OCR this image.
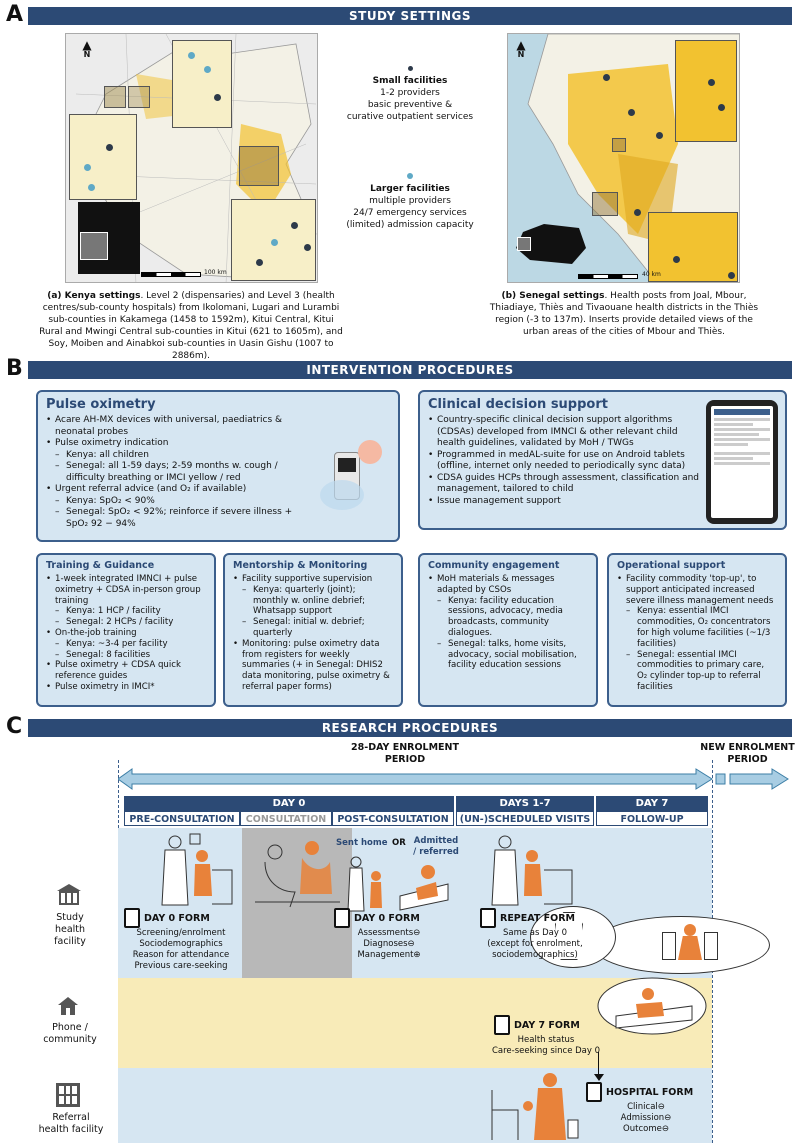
A	STUDY SETTINGS
▲
N
100 km
Small facilities
1-2 providers
basic preventive &
curative outpatient services
Larger facilities
multiple providers
24/7 emergency services
(limited) admission capacity
▲
N
40 km
(a) Kenya settings. Level 2 (dispensaries) and Level 3 (health centres/sub-county hospitals) from Ikolomani, Lugari and Lurambi sub-counties in Kakamega (1458 to 1592m), Kitui Central, Kitui Rural and Mwingi Central sub-counties in Kitui (621 to 1605m), and Soy, Moiben and Ainabkoi sub-counties in Uasin Gishu (1007 to 2886m).
(b) Senegal settings. Health posts from Joal, Mbour, Thiadiaye, Thiès and Tivaouane health districts in the Thiès region (-3 to 137m). Inserts provide detailed views of the urban areas of the cities of Mbour and Thiès.
B	INTERVENTION PROCEDURES
Pulse oximetry
• Acare AH-MX devices with universal, paediatrics & neonatal probes
• Pulse oximetry indication
– Kenya: all children
– Senegal: all 1-59 days; 2-59 months w. cough / difficulty breathing or IMCI yellow / red
• Urgent referral advice (and O₂ if available)
– Kenya: SpO₂ < 90%
– Senegal: SpO₂ < 92%; reinforce if severe illness + SpO₂ 92 − 94%
Clinical decision support
• Country-specific clinical decision support algorithms (CDSAs) developed from IMNCI & other relevant child health guidelines, validated by MoH / TWGs
• Programmed in medAL-suite for use on Android tablets (offline, internet only needed to periodically sync data)
• CDSA guides HCPs through assessment, classification and management, tailored to child
• Issue management support
Training & Guidance
• 1-week integrated IMNCI + pulse oximetry + CDSA in-person group training
– Kenya: 1 HCP / facility
– Senegal: 2 HCPs / facility
• On-the-job training
– Kenya: ~3-4 per facility
– Senegal: 8 facilities
• Pulse oximetry + CDSA quick reference guides
• Pulse oximetry in IMCI*
Mentorship & Monitoring
• Facility supportive supervision
– Kenya: quarterly (joint); monthly w. online debrief; Whatsapp support
– Senegal: initial w. debrief; quarterly
• Monitoring: pulse oximetry data from registers for weekly summaries (+ in Senegal: DHIS2 data monitoring, pulse oximetry & referral paper forms)
Community engagement
• MoH materials & messages adapted by CSOs
– Kenya: facility education sessions, advocacy, media broadcasts, community dialogues.
– Senegal: talks, home visits, advocacy, social mobilisation, facility education sessions
Operational support
• Facility commodity 'top-up', to support anticipated increased severe illness management needs
– Kenya: essential IMCI commodities, O₂ concentrators for high volume facilities (~1/3 facilities)
– Senegal: essential IMCI commodities to primary care, O₂ cylinder top-up to referral facilities
C	RESEARCH PROCEDURES
28-DAY ENROLMENT PERIOD
NEW ENROLMENT PERIOD
DAY 0	DAYS 1-7	DAY 7
PRE-CONSULTATION	CONSULTATION	POST-CONSULTATION	(UN-)SCHEDULED VISITS	FOLLOW-UP
Study health facility
Phone / community
Referral health facility
Sent home OR Admitted / referred
DAY 0 FORM
Screening/enrolment
Sociodemographics
Reason for attendance
Previous care-seeking
DAY 0 FORM
Assessments⊖
Diagnoses⊖
Management⊕
REPEAT FORM
Same as Day 0
(except for enrolment,
sociodemographics)
DAY 7 FORM
Health status
Care-seeking since Day 0
HOSPITAL FORM
Clinical⊖
Admission⊖
Outcome⊖
